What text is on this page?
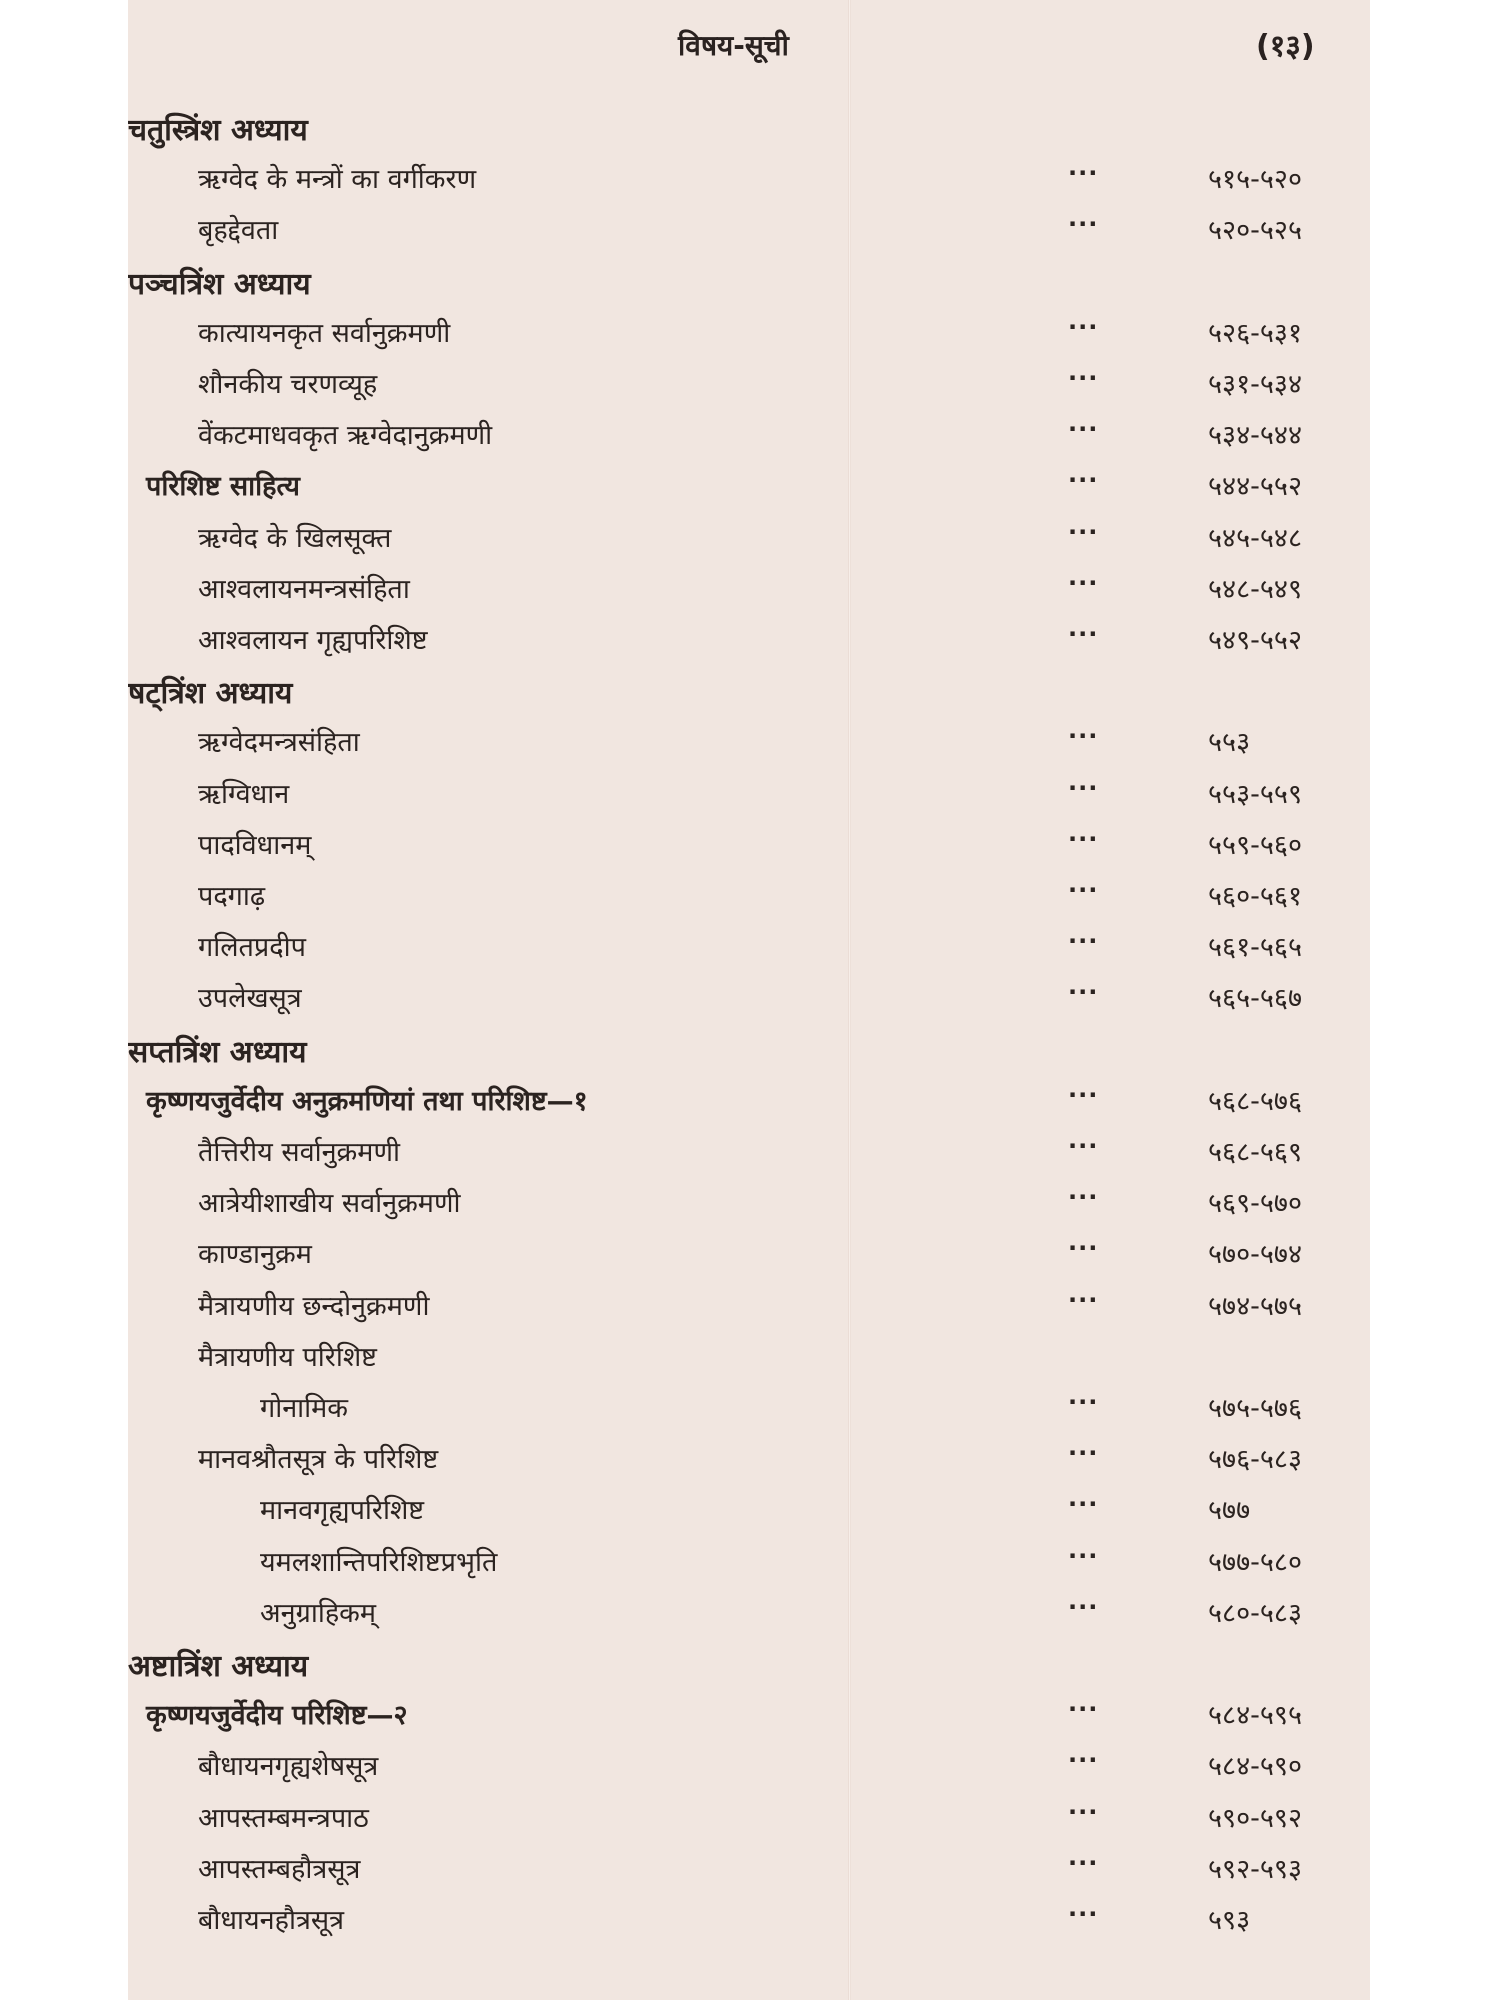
विषय-सूची	(१३)
चतुस्त्रिंश अध्याय
ऋग्वेद के मन्त्रों का वर्गीकरण	...	५१५-५२०
बृहद्देवता	...	५२०-५२५
पञ्चत्रिंश अध्याय
कात्यायनकृत सर्वानुक्रमणी	...	५२६-५३१
शौनकीय चरणव्यूह	...	५३१-५३४
वेंकटमाधवकृत ऋग्वेदानुक्रमणी	...	५३४-५४४
परिशिष्ट साहित्य	...	५४४-५५२
ऋग्वेद के खिलसूक्त	...	५४५-५४८
आश्वलायनमन्त्रसंहिता	...	५४८-५४९
आश्वलायन गृह्यपरिशिष्ट	...	५४९-५५२
षट्त्रिंश अध्याय
ऋग्वेदमन्त्रसंहिता	...	५५३
ऋग्विधान	...	५५३-५५९
पादविधानम्	...	५५९-५६०
पदगाढ़	...	५६०-५६१
गलितप्रदीप	...	५६१-५६५
उपलेखसूत्र	...	५६५-५६७
सप्तत्रिंश अध्याय
कृष्णयजुर्वेदीय अनुक्रमणियां तथा परिशिष्ट—१	...	५६८-५७६
तैत्तिरीय सर्वानुक्रमणी	...	५६८-५६९
आत्रेयीशाखीय सर्वानुक्रमणी	...	५६९-५७०
काण्डानुक्रम	...	५७०-५७४
मैत्रायणीय छन्दोनुक्रमणी	...	५७४-५७५
मैत्रायणीय परिशिष्ट
गोनामिक	...	५७५-५७६
मानवश्रौतसूत्र के परिशिष्ट	...	५७६-५८३
मानवगृह्यपरिशिष्ट	...	५७७
यमलशान्तिपरिशिष्टप्रभृति	...	५७७-५८०
अनुग्राहिकम्	...	५८०-५८३
अष्टात्रिंश अध्याय
कृष्णयजुर्वेदीय परिशिष्ट—२	...	५८४-५९५
बौधायनगृह्यशेषसूत्र	...	५८४-५९०
आपस्तम्बमन्त्रपाठ	...	५९०-५९२
आपस्तम्बहौत्रसूत्र	...	५९२-५९३
बौधायनहौत्रसूत्र	...	५९३
